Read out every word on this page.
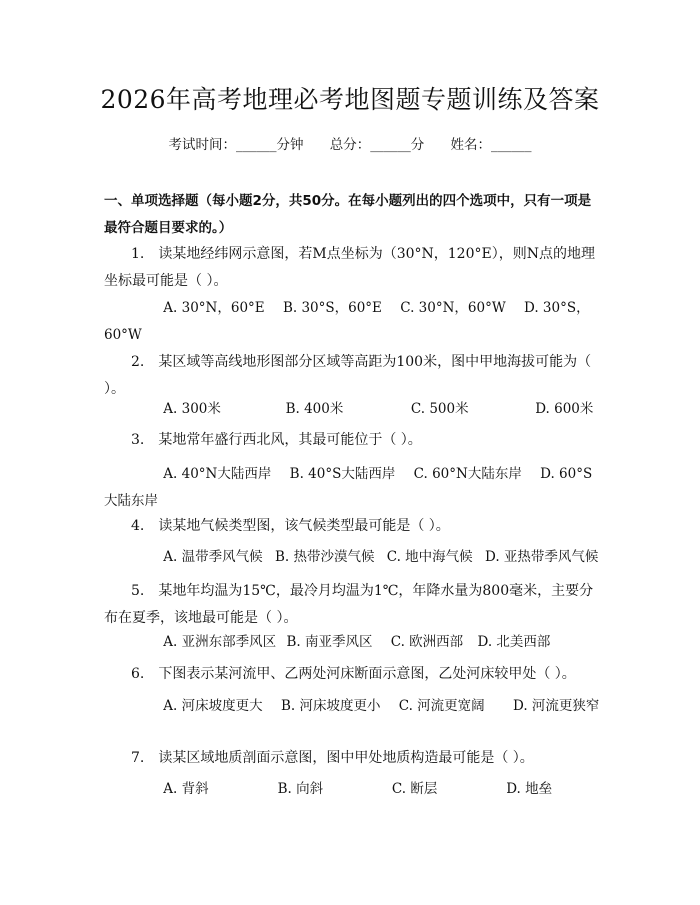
2026年高考地理必考地图题专题训练及答案
考试时间：______分钟 总分：______分 姓名：______
一、单项选择题（每小题2分，共50分。在每小题列出的四个选项中，只有一项是最符合题目要求的。）
1. 读某地经纬网示意图，若M点坐标为（30°N，120°E），则N点的地理坐标最可能是（ ）。
A. 30°N，60°E B. 30°S，60°E C. 30°N，60°W D. 30°S，60°W
2. 某区域等高线地形图部分区域等高距为100米，图中甲地海拔可能为（ ）。
A. 300米	B. 400米	C. 500米	D. 600米
3. 某地常年盛行西北风，其最可能位于（ ）。
A. 40°N大陆西岸 B. 40°S大陆西岸 C. 60°N大陆东岸 D. 60°S大陆东岸
4. 读某地气候类型图，该气候类型最可能是（ ）。
A. 温带季风气候 B. 热带沙漠气候 C. 地中海气候 D. 亚热带季风气候
5. 某地年均温为15℃，最冷月均温为1℃，年降水量为800毫米，主要分布在夏季，该地最可能是（ ）。
A. 亚洲东部季风区 B. 南亚季风区 C. 欧洲西部 D. 北美西部
6. 下图表示某河流甲、乙两处河床断面示意图，乙处河床较甲处（ ）。
A. 河床坡度更大 B. 河床坡度更小 C. 河流更宽阔 D. 河流更狭窄
7. 读某区域地质剖面示意图，图中甲处地质构造最可能是（ ）。
A. 背斜	B. 向斜	C. 断层	D. 地垒
